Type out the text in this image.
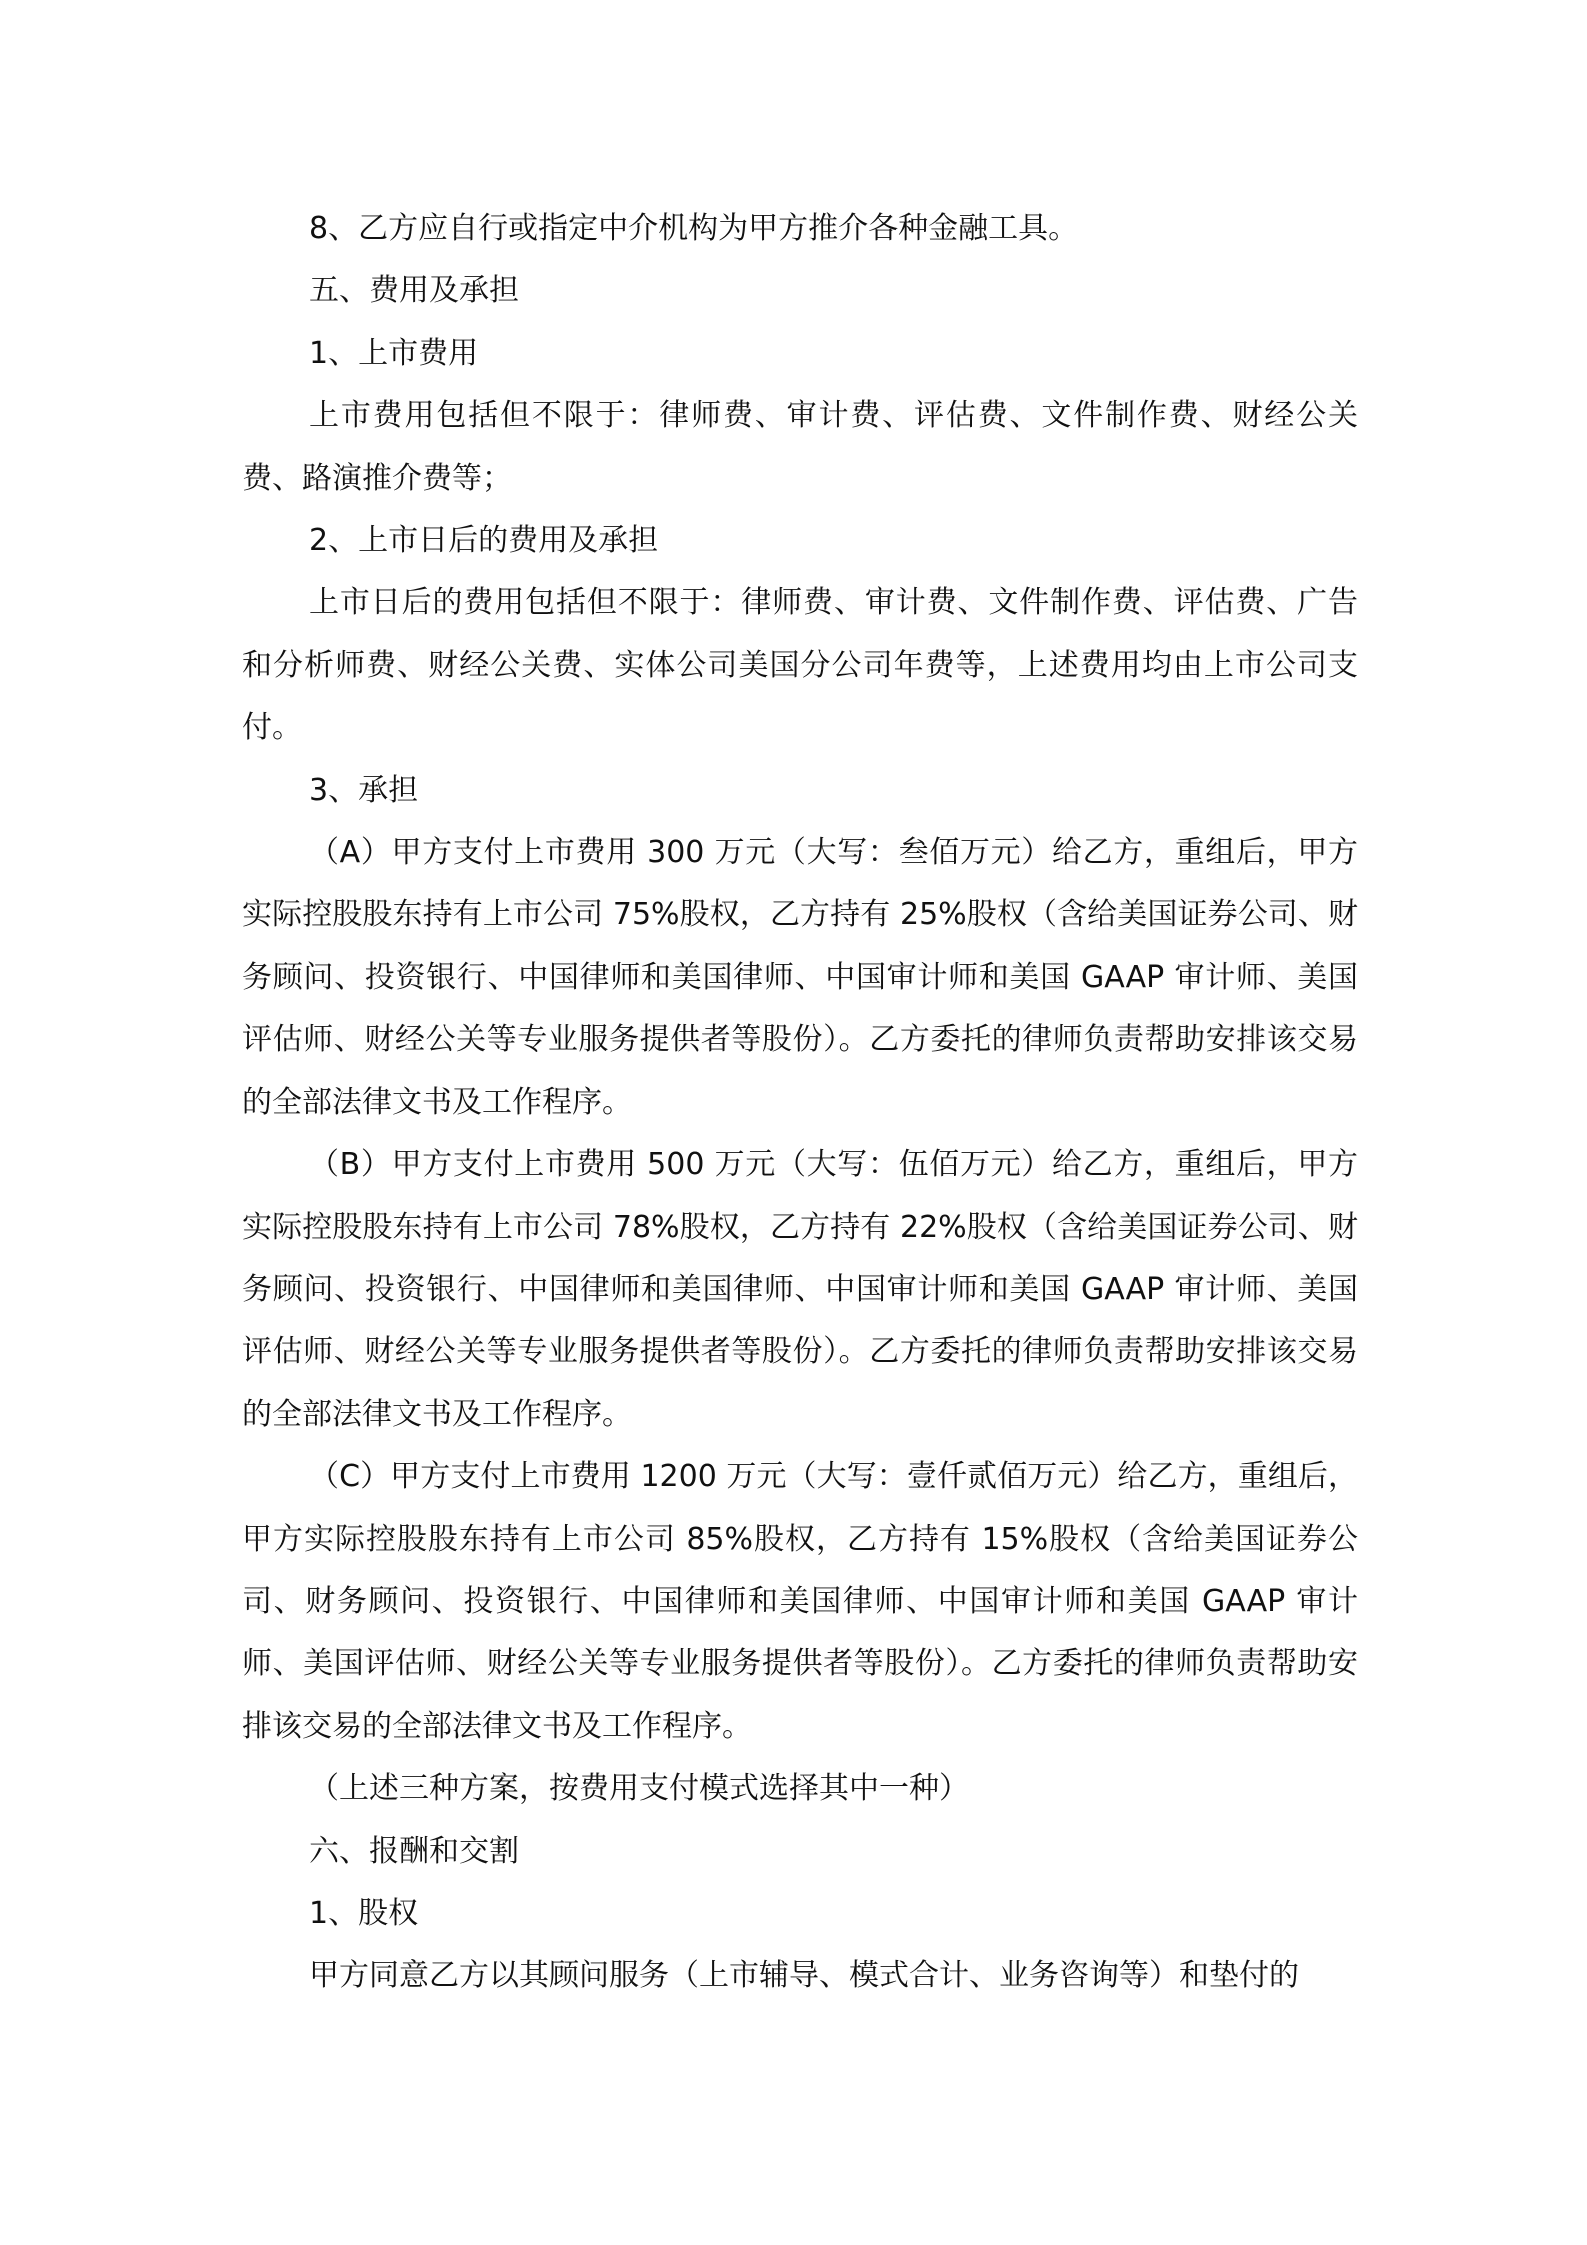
8、乙方应自行或指定中介机构为甲方推介各种金融工具。

五、费用及承担

1、上市费用

上市费用包括但不限于：律师费、审计费、评估费、文件制作费、财经公关费、路演推介费等；

2、上市日后的费用及承担

上市日后的费用包括但不限于：律师费、审计费、文件制作费、评估费、广告和分析师费、财经公关费、实体公司美国分公司年费等，上述费用均由上市公司支付。

3、承担

（A）甲方支付上市费用 300 万元（大写：叁佰万元）给乙方，重组后，甲方实际控股股东持有上市公司 75%股权，乙方持有 25%股权（含给美国证券公司、财务顾问、投资银行、中国律师和美国律师、中国审计师和美国 GAAP 审计师、美国评估师、财经公关等专业服务提供者等股份）。乙方委托的律师负责帮助安排该交易的全部法律文书及工作程序。

（B）甲方支付上市费用 500 万元（大写：伍佰万元）给乙方，重组后，甲方实际控股股东持有上市公司 78%股权，乙方持有 22%股权（含给美国证券公司、财务顾问、投资银行、中国律师和美国律师、中国审计师和美国 GAAP 审计师、美国评估师、财经公关等专业服务提供者等股份）。乙方委托的律师负责帮助安排该交易的全部法律文书及工作程序。

（C）甲方支付上市费用 1200 万元（大写：壹仟贰佰万元）给乙方，重组后，甲方实际控股股东持有上市公司 85%股权，乙方持有 15%股权（含给美国证券公司、财务顾问、投资银行、中国律师和美国律师、中国审计师和美国 GAAP 审计师、美国评估师、财经公关等专业服务提供者等股份）。乙方委托的律师负责帮助安排该交易的全部法律文书及工作程序。

（上述三种方案，按费用支付模式选择其中一种）

六、报酬和交割

1、股权

甲方同意乙方以其顾问服务（上市辅导、模式合计、业务咨询等）和垫付的
